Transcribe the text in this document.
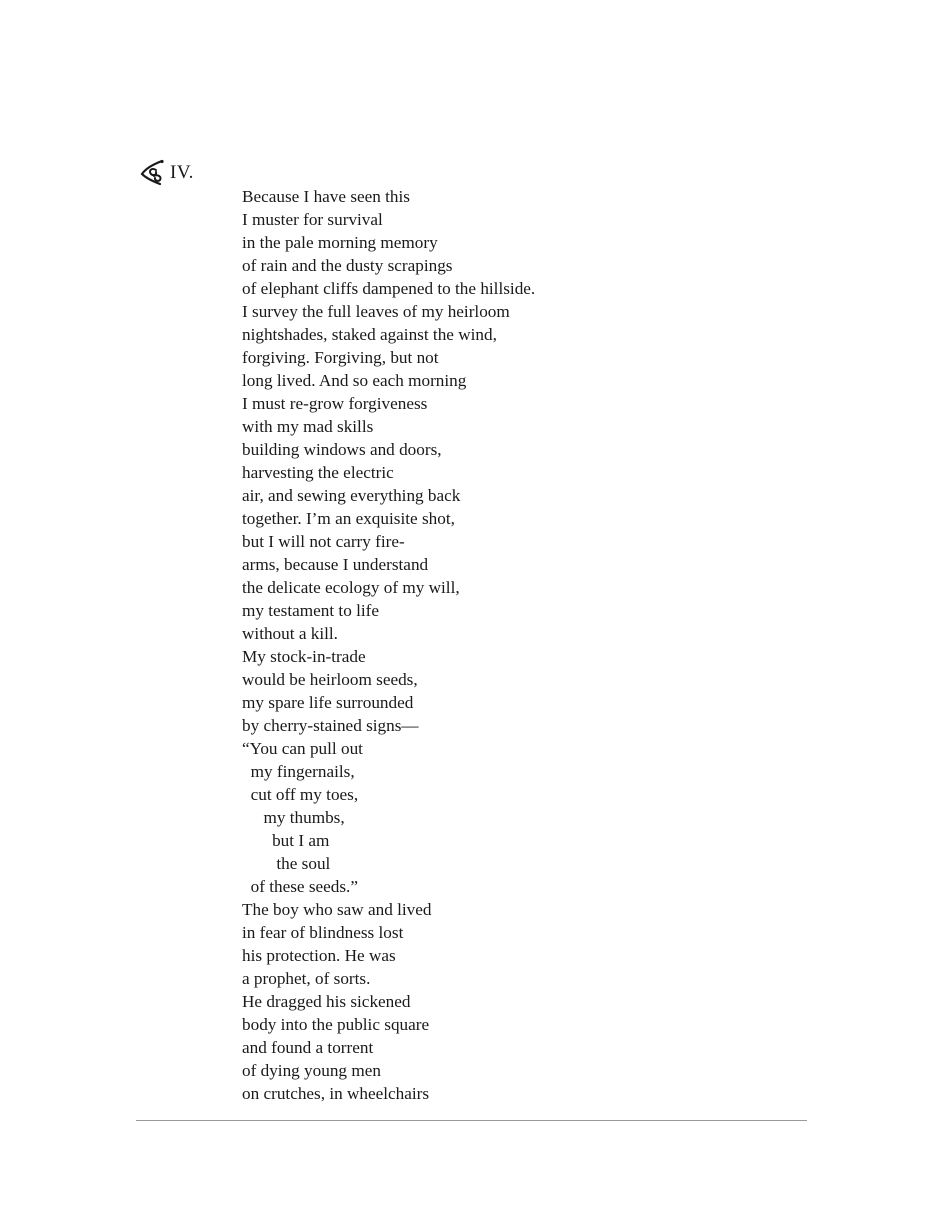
IV.
Because I have seen this
I muster for survival
in the pale morning memory
of rain and the dusty scrapings
of elephant cliffs dampened to the hillside.
I survey the full leaves of my heirloom
nightshades, staked against the wind,
forgiving. Forgiving, but not
long lived. And so each morning
I must re-grow forgiveness
with my mad skills
building windows and doors,
harvesting the electric
air, and sewing everything back
together. I’m an exquisite shot,
but I will not carry fire-
arms, because I understand
the delicate ecology of my will,
my testament to life
without a kill.
My stock-in-trade
would be heirloom seeds,
my spare life surrounded
by cherry-stained signs—
“You can pull out
my fingernails,
cut off my toes,
my thumbs,
but I am
the soul
of these seeds.”
The boy who saw and lived
in fear of blindness lost
his protection. He was
a prophet, of sorts.
He dragged his sickened
body into the public square
and found a torrent
of dying young men
on crutches, in wheelchairs
